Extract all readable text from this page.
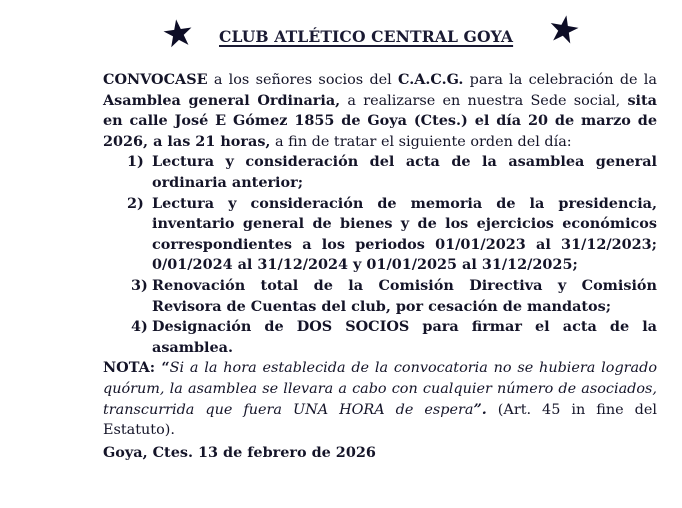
CLUB ATLÉTICO CENTRAL GOYA
CONVOCASE a los señores socios del C.A.C.G. para la celebración de la
Asamblea general Ordinaria, a realizarse en nuestra Sede social, sita
en calle José E Gómez 1855 de Goya (Ctes.) el día 20 de marzo de
2026, a las 21 horas, a fin de tratar el siguiente orden del día:
1) Lectura y consideración del acta de la asamblea general ordinaria anterior;
2) Lectura y consideración de memoria de la presidencia, inventario general de bienes y de los ejercicios económicos correspondientes a los periodos 01/01/2023 al 31/12/2023; 0/01/2024 al 31/12/2024 y 01/01/2025 al 31/12/2025;
3) Renovación total de la Comisión Directiva y Comisión Revisora de Cuentas del club, por cesación de mandatos;
4) Designación de DOS SOCIOS para firmar el acta de la asamblea.

NOTA: “Si a la hora establecida de la convocatoria no se hubiera logrado quórum, la asamblea se llevara a cabo con cualquier número de asociados, transcurrida que fuera UNA HORA de espera”. (Art. 45 in fine del Estatuto).

Goya, Ctes. 13 de febrero de 2026
